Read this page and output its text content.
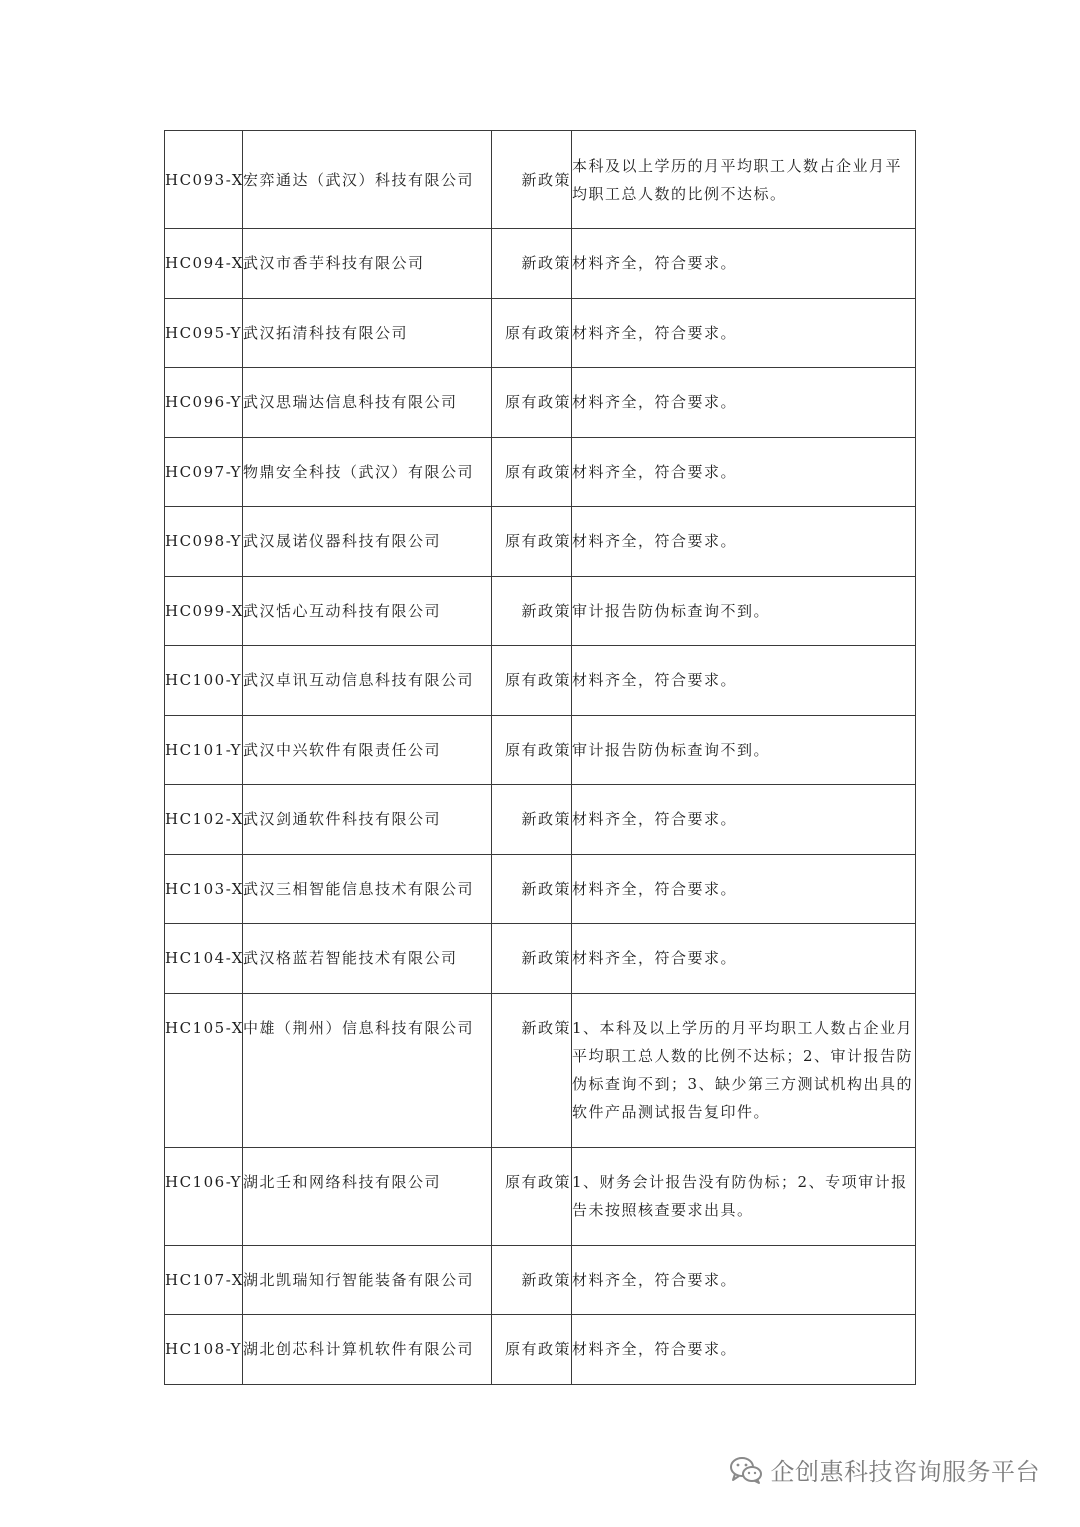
HC093-X	宏弈通达（武汉）科技有限公司	新政策	本科及以上学历的月平均职工人数占企业月平均职工总人数的比例不达标。
HC094-X	武汉市香芋科技有限公司	新政策	材料齐全，符合要求。
HC095-Y	武汉拓清科技有限公司	原有政策	材料齐全，符合要求。
HC096-Y	武汉思瑞达信息科技有限公司	原有政策	材料齐全，符合要求。
HC097-Y	物鼎安全科技（武汉）有限公司	原有政策	材料齐全，符合要求。
HC098-Y	武汉晟诺仪器科技有限公司	原有政策	材料齐全，符合要求。
HC099-X	武汉恬心互动科技有限公司	新政策	审计报告防伪标查询不到。
HC100-Y	武汉卓讯互动信息科技有限公司	原有政策	材料齐全，符合要求。
HC101-Y	武汉中兴软件有限责任公司	原有政策	审计报告防伪标查询不到。
HC102-X	武汉剑通软件科技有限公司	新政策	材料齐全，符合要求。
HC103-X	武汉三相智能信息技术有限公司	新政策	材料齐全，符合要求。
HC104-X	武汉格蓝若智能技术有限公司	新政策	材料齐全，符合要求。
HC105-X	中雄（荆州）信息科技有限公司	新政策	1、本科及以上学历的月平均职工人数占企业月平均职工总人数的比例不达标；2、审计报告防伪标查询不到；3、缺少第三方测试机构出具的软件产品测试报告复印件。
HC106-Y	湖北壬和网络科技有限公司	原有政策	1、财务会计报告没有防伪标；2、专项审计报告未按照核查要求出具。
HC107-X	湖北凯瑞知行智能装备有限公司	新政策	材料齐全，符合要求。
HC108-Y	湖北创芯科计算机软件有限公司	原有政策	材料齐全，符合要求。
企创惠科技咨询服务平台
